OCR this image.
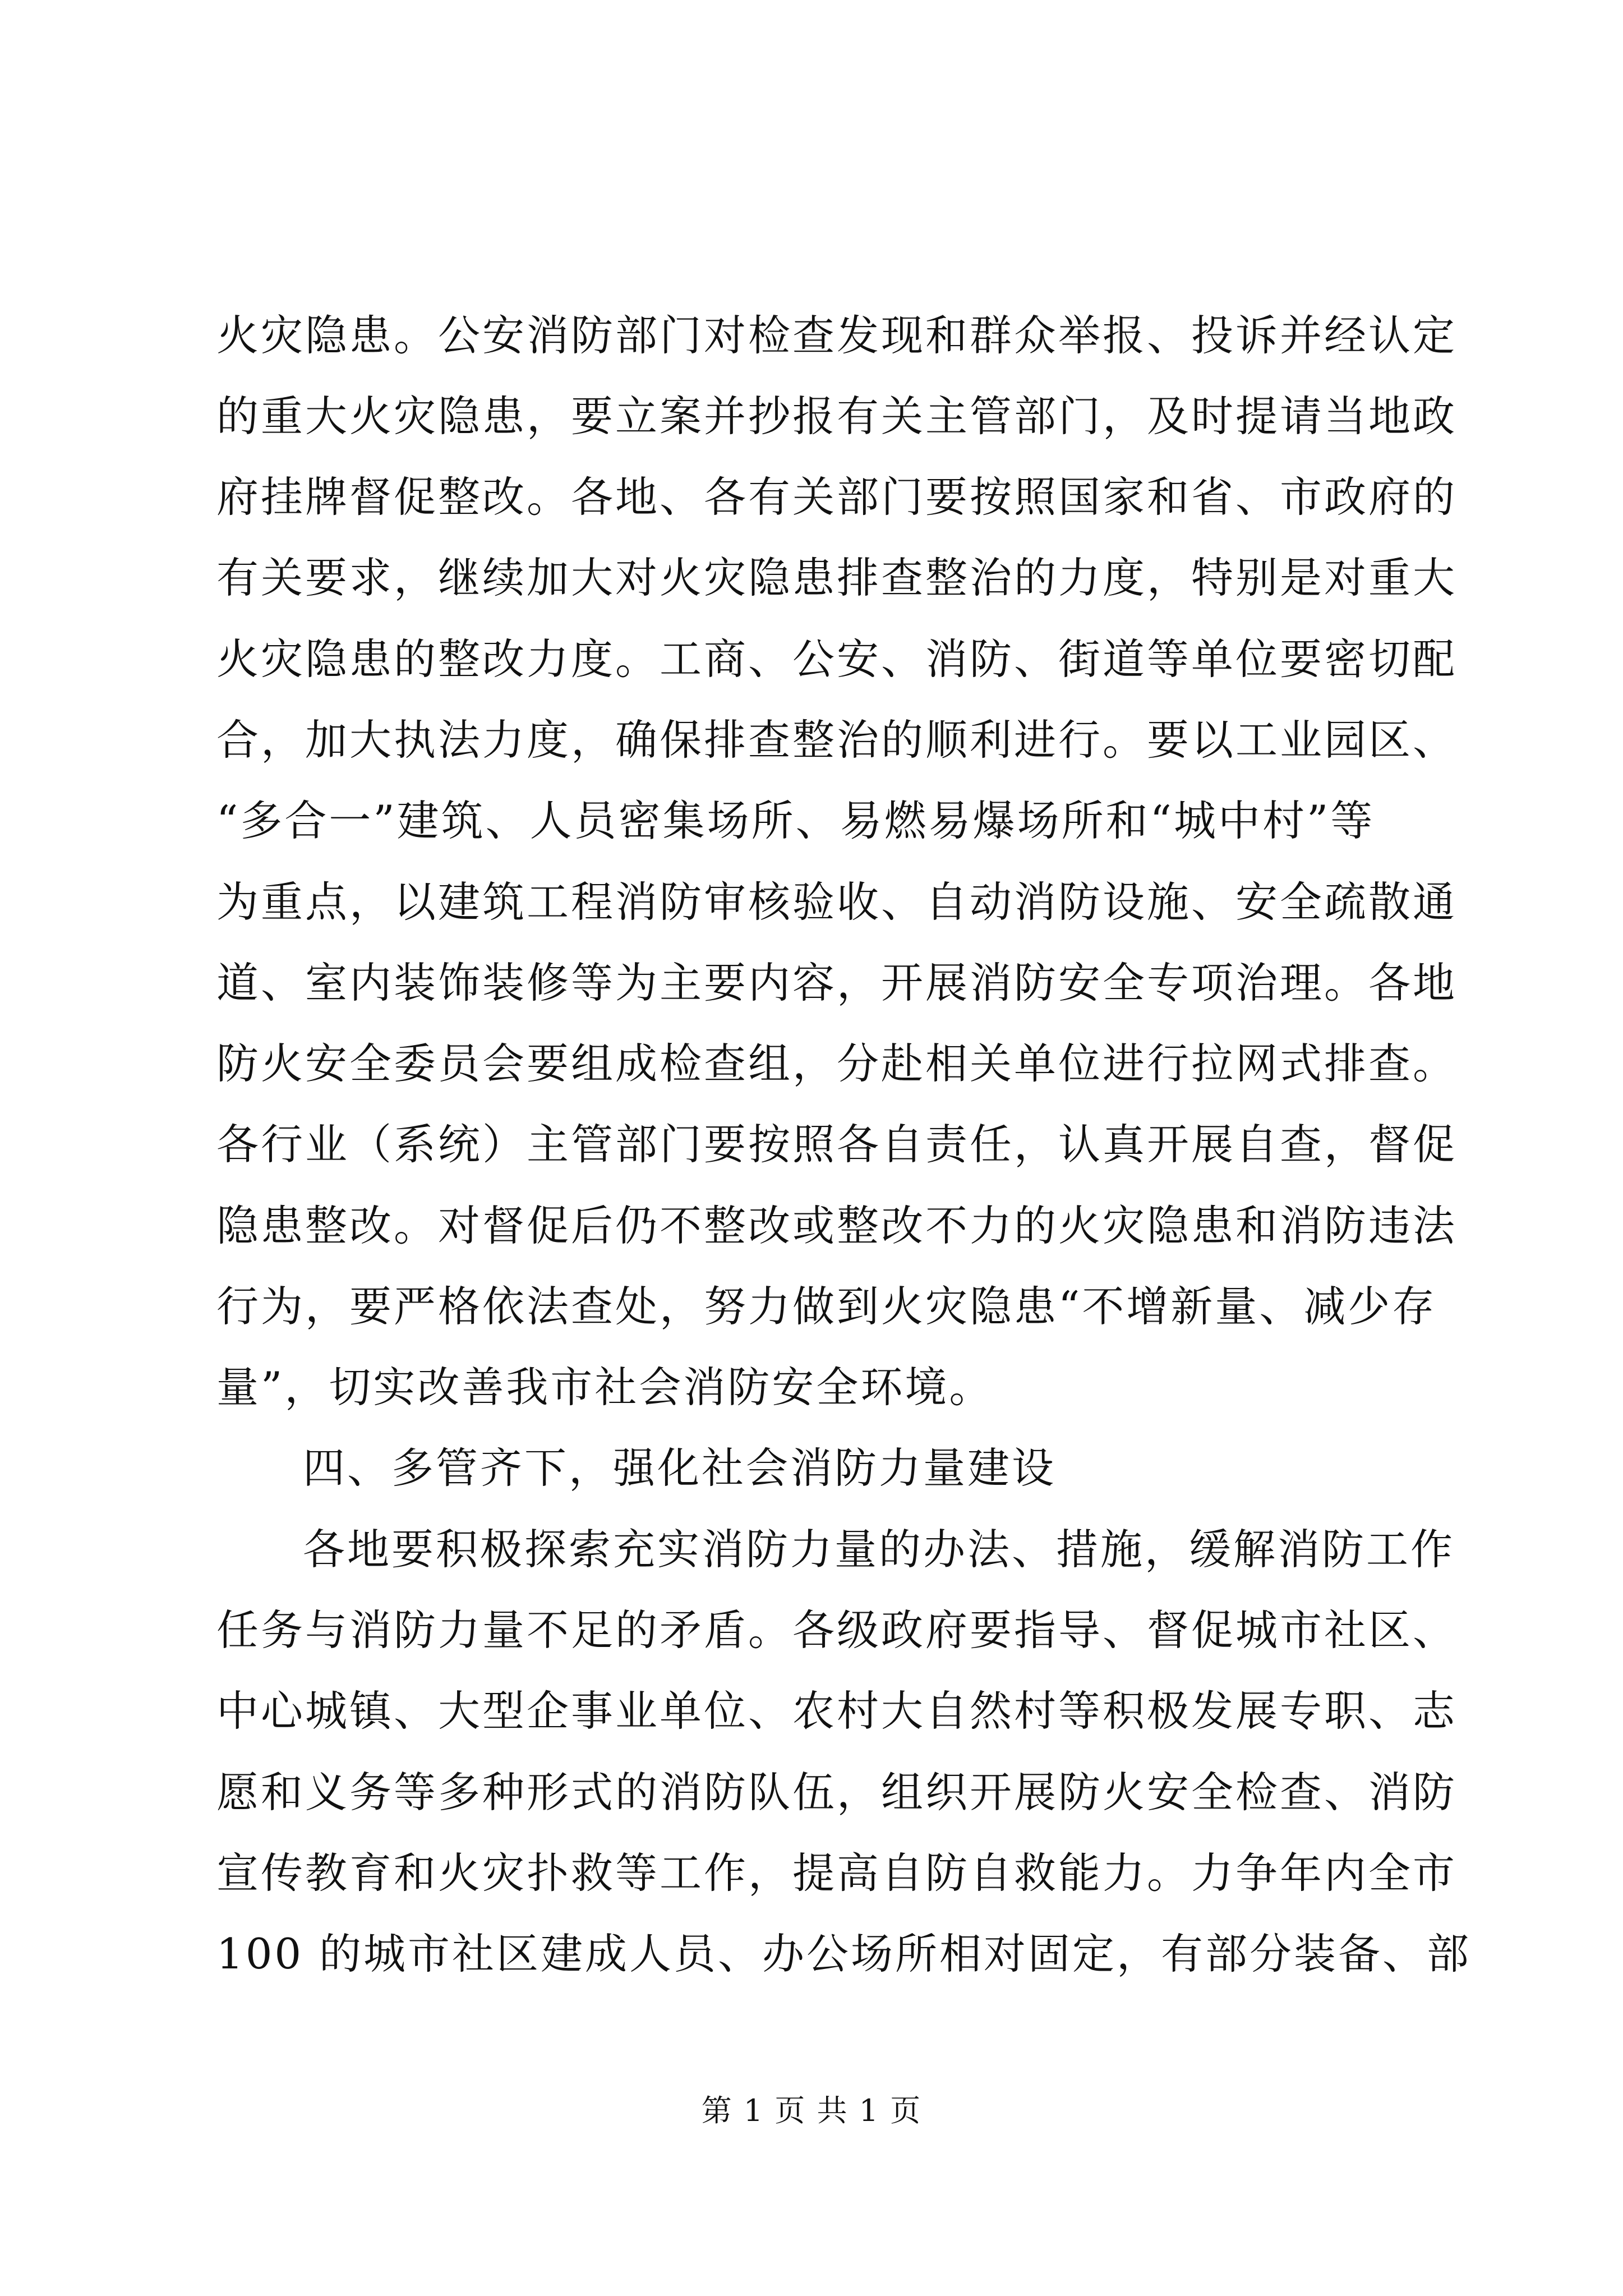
火灾隐患。公安消防部门对检查发现和群众举报、投诉并经认定
的重大火灾隐患，要立案并抄报有关主管部门，及时提请当地政
府挂牌督促整改。各地、各有关部门要按照国家和省、市政府的
有关要求，继续加大对火灾隐患排查整治的力度，特别是对重大
火灾隐患的整改力度。工商、公安、消防、街道等单位要密切配
合，加大执法力度，确保排查整治的顺利进行。要以工业园区、
“多合一”建筑、人员密集场所、易燃易爆场所和“城中村”等
为重点，以建筑工程消防审核验收、自动消防设施、安全疏散通
道、室内装饰装修等为主要内容，开展消防安全专项治理。各地
防火安全委员会要组成检查组，分赴相关单位进行拉网式排查。
各行业（系统）主管部门要按照各自责任，认真开展自查，督促
隐患整改。对督促后仍不整改或整改不力的火灾隐患和消防违法
行为，要严格依法查处，努力做到火灾隐患“不增新量、减少存
量”，切实改善我市社会消防安全环境。
四、多管齐下，强化社会消防力量建设
各地要积极探索充实消防力量的办法、措施，缓解消防工作
任务与消防力量不足的矛盾。各级政府要指导、督促城市社区、
中心城镇、大型企事业单位、农村大自然村等积极发展专职、志
愿和义务等多种形式的消防队伍，组织开展防火安全检查、消防
宣传教育和火灾扑救等工作，提高自防自救能力。力争年内全市
100 的城市社区建成人员、办公场所相对固定，有部分装备、部
第 1 页 共 1 页
